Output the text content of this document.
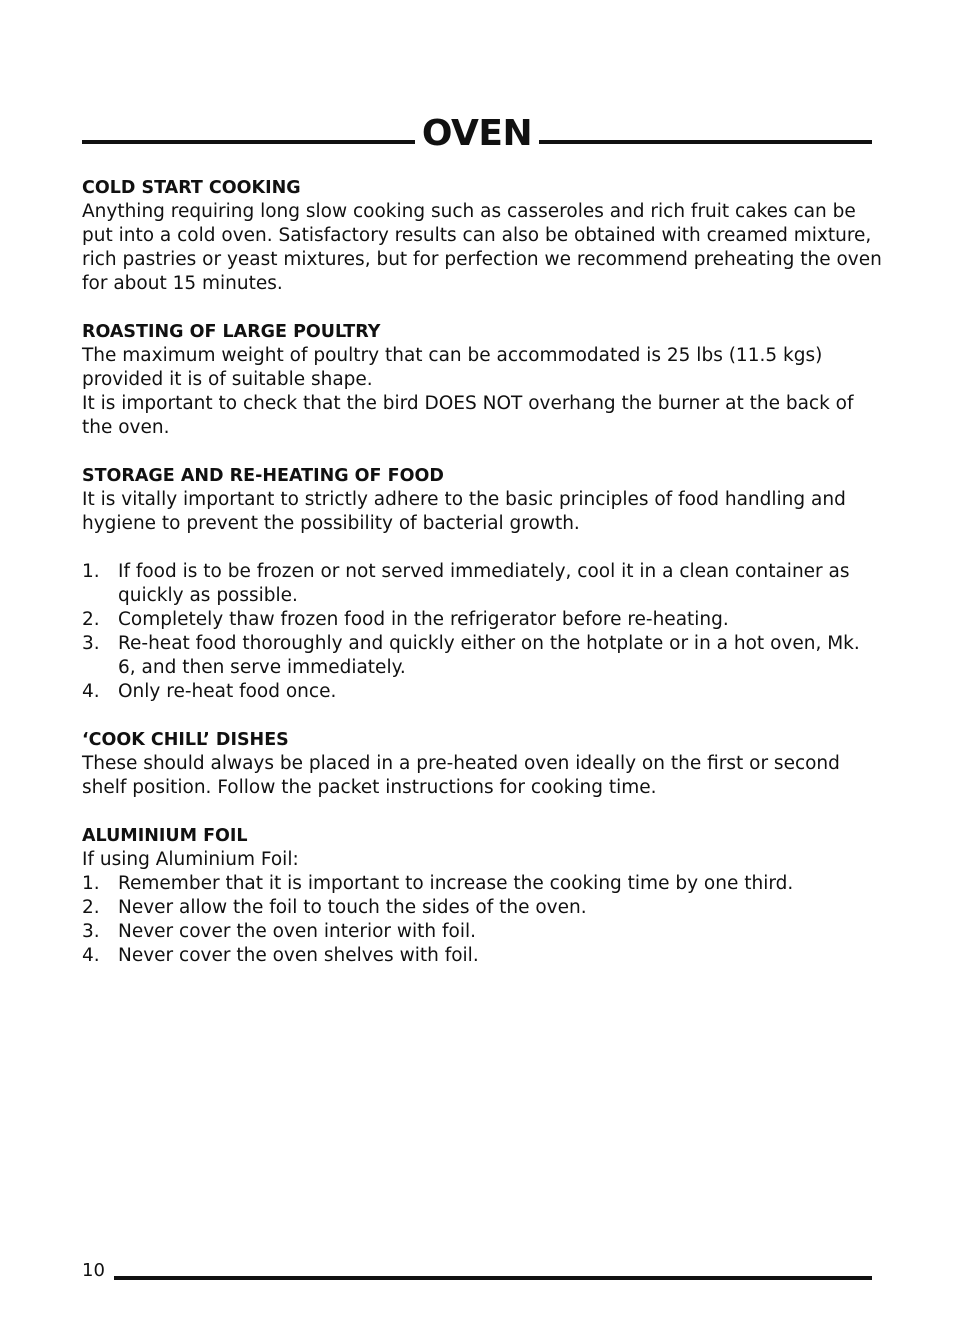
OVEN
COLD START COOKING
Anything requiring long slow cooking such as casseroles and rich fruit cakes can be put into a cold oven. Satisfactory results can also be obtained with creamed mixture, rich pastries or yeast mixtures, but for perfection we recommend preheating the oven for about 15 minutes.
ROASTING OF LARGE POULTRY
The maximum weight of poultry that can be accommodated is 25 lbs (11.5 kgs) provided it is of suitable shape.
It is important to check that the bird DOES NOT overhang the burner at the back of the oven.
STORAGE AND RE-HEATING OF FOOD
It is vitally important to strictly adhere to the basic principles of food handling and hygiene to prevent the possibility of bacterial growth.
1. If food is to be frozen or not served immediately, cool it in a clean container as quickly as possible.
2. Completely thaw frozen food in the refrigerator before re-heating.
3. Re-heat food thoroughly and quickly either on the hotplate or in a hot oven, Mk. 6, and then serve immediately.
4. Only re-heat food once.
‘COOK CHILL’ DISHES
These should always be placed in a pre-heated oven ideally on the first or second shelf position. Follow the packet instructions for cooking time.
ALUMINIUM FOIL
If using Aluminium Foil:
1. Remember that it is important to increase the cooking time by one third.
2. Never allow the foil to touch the sides of the oven.
3. Never cover the oven interior with foil.
4. Never cover the oven shelves with foil.
10
